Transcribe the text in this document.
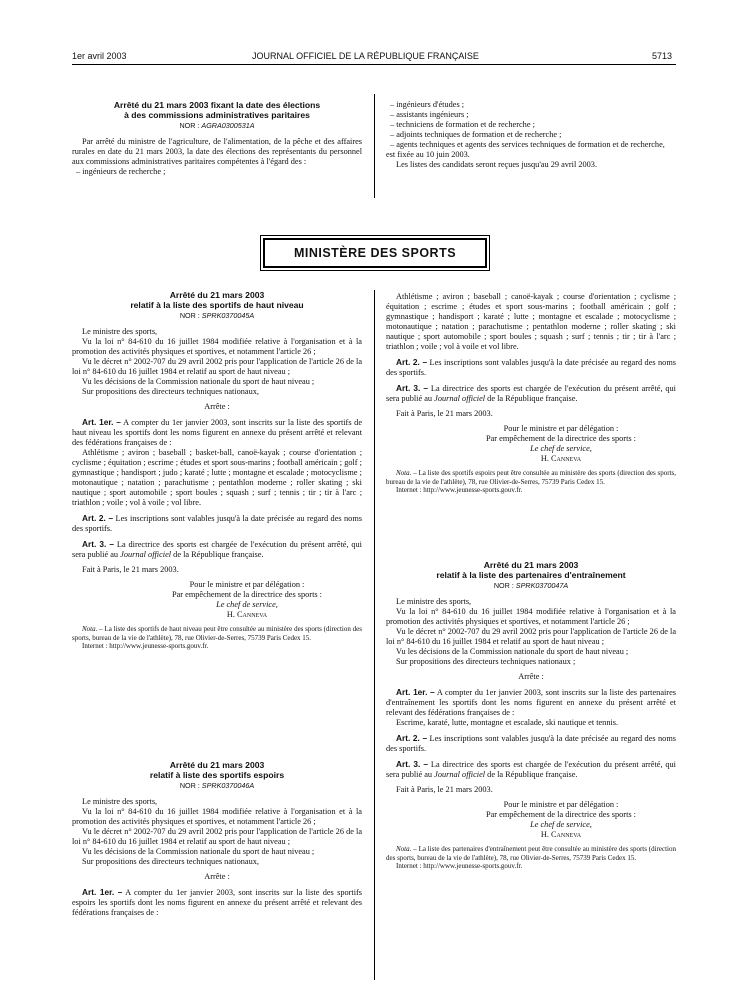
1er avril 2003	JOURNAL OFFICIEL DE LA RÉPUBLIQUE FRANÇAISE	5713

Arrêté du 21 mars 2003 fixant la date des élections

à des commissions administratives paritaires

NOR : AGRA0300531A

Par arrêté du ministre de l'agriculture, de l'alimentation, de la pêche et des affaires rurales en date du 21 mars 2003, la date des élections des représentants du personnel aux commissions administratives paritaires compétentes à l'égard des :

– ingénieurs de recherche ;

– ingénieurs d'études ;

– assistants ingénieurs ;

– techniciens de formation et de recherche ;

– adjoints techniques de formation et de recherche ;

– agents techniques et agents des services techniques de formation et de recherche,

est fixée au 10 juin 2003.

Les listes des candidats seront reçues jusqu'au 29 avril 2003.

MINISTÈRE DES SPORTS

Arrêté du 21 mars 2003

relatif à la liste des sportifs de haut niveau

NOR : SPRK0370045A

Le ministre des sports,

Vu la loi n° 84-610 du 16 juillet 1984 modifiée relative à l'organisation et à la promotion des activités physiques et sportives, et notamment l'article 26 ;

Vu le décret n° 2002-707 du 29 avril 2002 pris pour l'application de l'article 26 de la loi n° 84-610 du 16 juillet 1984 et relatif au sport de haut niveau ;

Vu les décisions de la Commission nationale du sport de haut niveau ;

Sur propositions des directeurs techniques nationaux,

Arrête :

Art. 1er. – A compter du 1er janvier 2003, sont inscrits sur la liste des sportifs de haut niveau les sportifs dont les noms figurent en annexe du présent arrêté et relevant des fédérations françaises de :

Athlétisme ; aviron ; baseball ; basket-ball, canoë-kayak ; course d'orientation ; cyclisme ; équitation ; escrime ; études et sport sous-marins ; football américain ; golf ; gymnastique ; handisport ; judo ; karaté ; lutte ; montagne et escalade ; motocyclisme ; motonautique ; natation ; parachutisme ; pentathlon moderne ; roller skating ; ski nautique ; sport automobile ; sport boules ; squash ; surf ; tennis ; tir ; tir à l'arc ; triathlon ; voile ; vol à voile ; vol libre.

Art. 2. – Les inscriptions sont valables jusqu'à la date précisée au regard des noms des sportifs.

Art. 3. – La directrice des sports est chargée de l'exécution du présent arrêté, qui sera publié au Journal officiel de la République française.

Fait à Paris, le 21 mars 2003.

Pour le ministre et par délégation :

Par empêchement de la directrice des sports :

Le chef de service,

H. Canneva

Nota. – La liste des sportifs de haut niveau peut être consultée au ministère des sports (direction des sports, bureau de la vie de l'athlète), 78, rue Olivier-de-Serres, 75739 Paris Cedex 15.

Internet : http://www.jeunesse-sports.gouv.fr.

Arrêté du 21 mars 2003

relatif à liste des sportifs espoirs

NOR : SPRK0370046A

Le ministre des sports,

Vu la loi n° 84-610 du 16 juillet 1984 modifiée relative à l'organisation et à la promotion des activités physiques et sportives, et notamment l'article 26 ;

Vu le décret n° 2002-707 du 29 avril 2002 pris pour l'application de l'article 26 de la loi n° 84-610 du 16 juillet 1984 et relatif au sport de haut niveau ;

Vu les décisions de la Commission nationale du sport de haut niveau ;

Sur propositions des directeurs techniques nationaux,

Arrête :

Art. 1er. – A compter du 1er janvier 2003, sont inscrits sur la liste des sportifs espoirs les sportifs dont les noms figurent en annexe du présent arrêté et relevant des fédérations françaises de :

Athlétisme ; aviron ; baseball ; canoë-kayak ; course d'orientation ; cyclisme ; équitation ; escrime ; études et sport sous-marins ; football américain ; golf ; gymnastique ; handisport ; karaté ; lutte ; montagne et escalade ; motocyclisme ; motonautique ; natation ; parachutisme ; pentathlon moderne ; roller skating ; ski nautique ; sport automobile ; sport boules ; squash ; surf ; tennis ; tir ; tir à l'arc ; triathlon ; voile ; vol à voile et vol libre.

Art. 2. – Les inscriptions sont valables jusqu'à la date précisée au regard des noms des sportifs.

Art. 3. – La directrice des sports est chargée de l'exécution du présent arrêté, qui sera publié au Journal officiel de la République française.

Fait à Paris, le 21 mars 2003.

Pour le ministre et par délégation :

Par empêchement de la directrice des sports :

Le chef de service,

H. Canneva

Nota. – La liste des sportifs espoirs peut être consultée au ministère des sports (direction des sports, bureau de la vie de l'athlète), 78, rue Olivier-de-Serres, 75739 Paris Cedex 15.

Internet : http://www.jeunesse-sports.gouv.fr.

Arrêté du 21 mars 2003

relatif à la liste des partenaires d'entraînement

NOR : SPRK0370047A

Le ministre des sports,

Vu la loi n° 84-610 du 16 juillet 1984 modifiée relative à l'organisation et à la promotion des activités physiques et sportives, et notamment l'article 26 ;

Vu le décret n° 2002-707 du 29 avril 2002 pris pour l'application de l'article 26 de la loi n° 84-610 du 16 juillet 1984 et relatif au sport de haut niveau ;

Vu les décisions de la Commission nationale du sport de haut niveau ;

Sur propositions des directeurs techniques nationaux ;

Arrête :

Art. 1er. – A compter du 1er janvier 2003, sont inscrits sur la liste des partenaires d'entraînement les sportifs dont les noms figurent en annexe du présent arrêté et relevant des fédérations françaises de :

Escrime, karaté, lutte, montagne et escalade, ski nautique et tennis.

Art. 2. – Les inscriptions sont valables jusqu'à la date précisée au regard des noms des sportifs.

Art. 3. – La directrice des sports est chargée de l'exécution du présent arrêté, qui sera publié au Journal officiel de la République française.

Fait à Paris, le 21 mars 2003.

Pour le ministre et par délégation :

Par empêchement de la directrice des sports :

Le chef de service,

H. Canneva

Nota. – La liste des partenaires d'entraînement peut être consultée au ministère des sports (direction des sports, bureau de la vie de l'athlète), 78, rue Olivier-de-Serres, 75739 Paris Cedex 15.

Internet : http://www.jeunesse-sports.gouv.fr.
